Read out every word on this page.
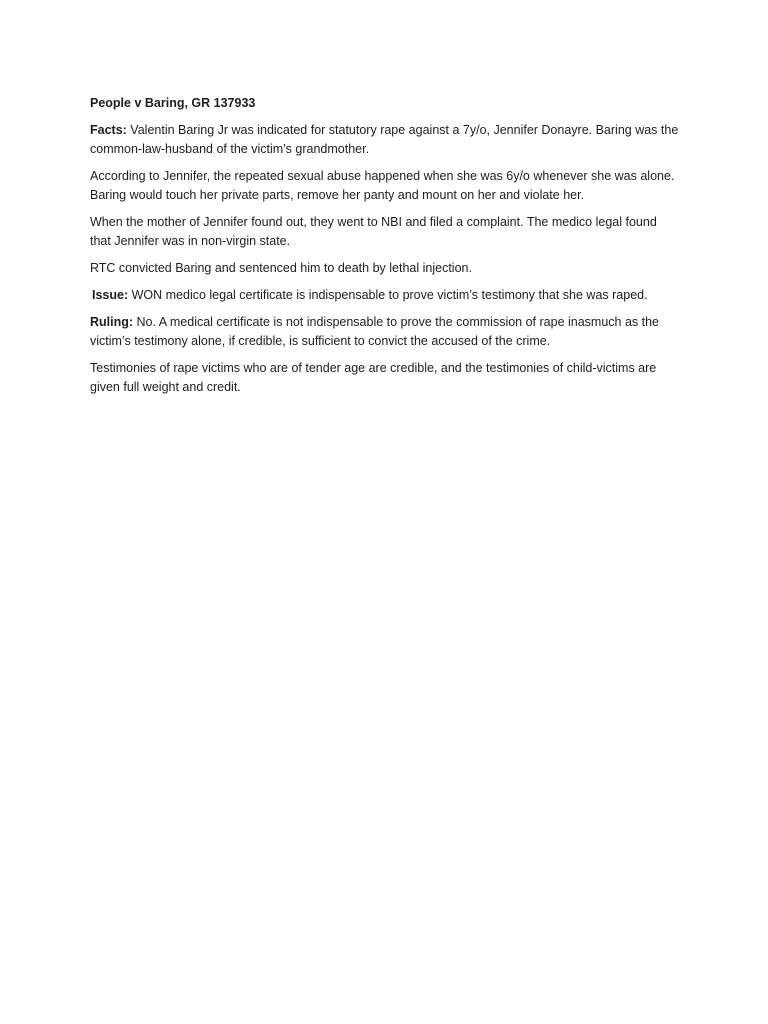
People v Baring, GR 137933

Facts: Valentin Baring Jr was indicated for statutory rape against a 7y/o, Jennifer Donayre. Baring was the common-law-husband of the victim’s grandmother.

According to Jennifer, the repeated sexual abuse happened when she was 6y/o whenever she was alone. Baring would touch her private parts, remove her panty and mount on her and violate her.

When the mother of Jennifer found out, they went to NBI and filed a complaint. The medico legal found that Jennifer was in non-virgin state.

RTC convicted Baring and sentenced him to death by lethal injection.

Issue: WON medico legal certificate is indispensable to prove victim’s testimony that she was raped.

Ruling: No. A medical certificate is not indispensable to prove the commission of rape inasmuch as the victim’s testimony alone, if credible, is sufficient to convict the accused of the crime.

Testimonies of rape victims who are of tender age are credible, and the testimonies of child-victims are given full weight and credit.
